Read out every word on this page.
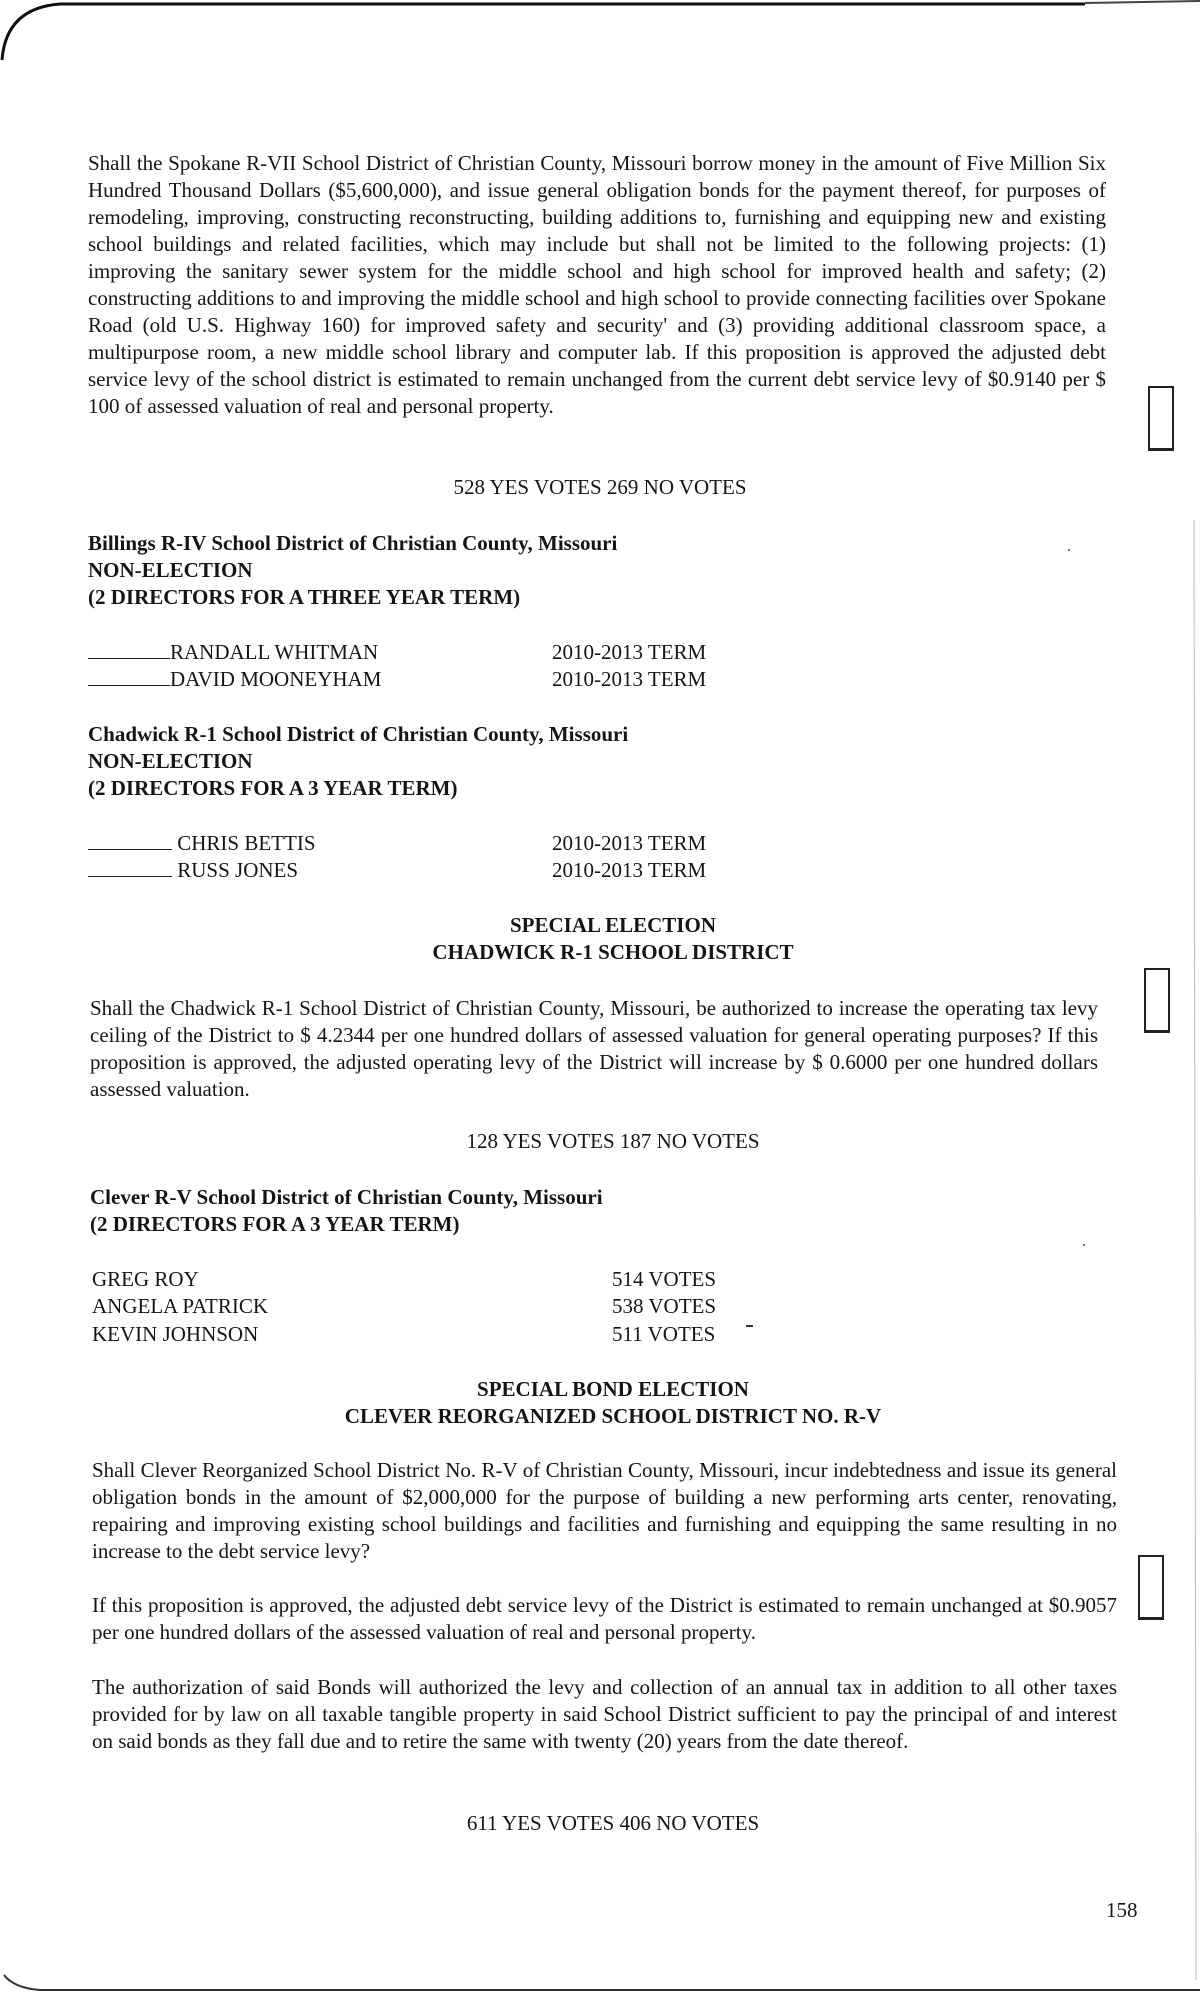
Shall the Spokane R-VII School District of Christian County, Missouri borrow money in the amount of Five Million Six Hundred Thousand Dollars ($5,600,000), and issue general obligation bonds for the payment thereof, for purposes of remodeling, improving, constructing reconstructing, building additions to, furnishing and equipping new and existing school buildings and related facilities, which may include but shall not be limited to the following projects: (1) improving the sanitary sewer system for the middle school and high school for improved health and safety; (2) constructing additions to and improving the middle school and high school to provide connecting facilities over Spokane Road (old U.S. Highway 160) for improved safety and security' and (3) providing additional classroom space, a multipurpose room, a new middle school library and computer lab. If this proposition is approved the adjusted debt service levy of the school district is estimated to remain unchanged from the current debt service levy of $0.9140 per $ 100 of assessed valuation of real and personal property.

528 YES VOTES 269 NO VOTES

Billings R-IV School District of Christian County, Missouri

NON-ELECTION

(2 DIRECTORS FOR A THREE YEAR TERM)

RANDALL WHITMAN	2010-2013 TERM

DAVID MOONEYHAM	2010-2013 TERM

Chadwick R-1 School District of Christian County, Missouri

NON-ELECTION

(2 DIRECTORS FOR A 3 YEAR TERM)

CHRIS BETTIS	2010-2013 TERM

RUSS JONES	2010-2013 TERM

SPECIAL ELECTION

CHADWICK R-1 SCHOOL DISTRICT

Shall the Chadwick R-1 School District of Christian County, Missouri, be authorized to increase the operating tax levy ceiling of the District to $ 4.2344 per one hundred dollars of assessed valuation for general operating purposes? If this proposition is approved, the adjusted operating levy of the District will increase by $ 0.6000 per one hundred dollars assessed valuation.

128 YES VOTES 187 NO VOTES

Clever R-V School District of Christian County, Missouri

(2 DIRECTORS FOR A 3 YEAR TERM)

GREG ROY	514 VOTES

ANGELA PATRICK	538 VOTES

KEVIN JOHNSON	511 VOTES

SPECIAL BOND ELECTION

CLEVER REORGANIZED SCHOOL DISTRICT NO. R-V

Shall Clever Reorganized School District No. R-V of Christian County, Missouri, incur indebtedness and issue its general obligation bonds in the amount of $2,000,000 for the purpose of building a new performing arts center, renovating, repairing and improving existing school buildings and facilities and furnishing and equipping the same resulting in no increase to the debt service levy?

If this proposition is approved, the adjusted debt service levy of the District is estimated to remain unchanged at $0.9057 per one hundred dollars of the assessed valuation of real and personal property.

The authorization of said Bonds will authorized the levy and collection of an annual tax in addition to all other taxes provided for by law on all taxable tangible property in said School District sufficient to pay the principal of and interest on said bonds as they fall due and to retire the same with twenty (20) years from the date thereof.

611 YES VOTES 406 NO VOTES

158
